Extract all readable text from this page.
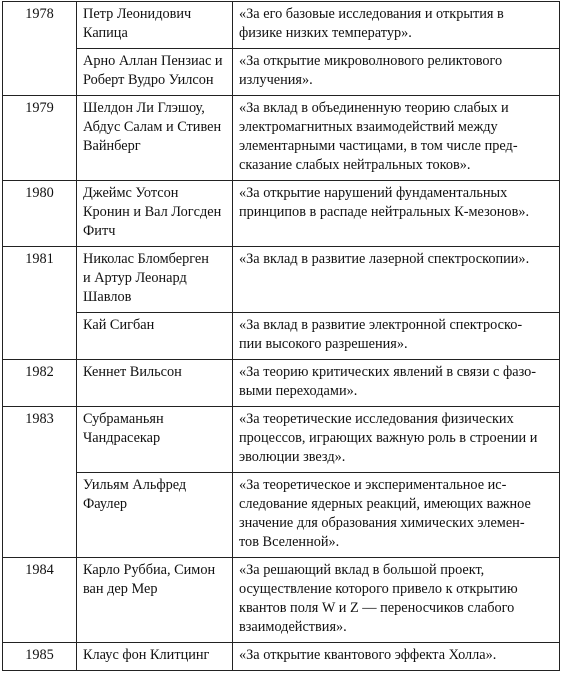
1978	Петр Леонидович
Капица	«За его базовые исследования и открытия в
физике низких температур».
	Арно Аллан Пензиас и
Роберт Вудро Уилсон	«За открытие микроволнового реликтового
излучения».
1979	Шелдон Ли Глэшоу,
Абдус Салам и Стивен
Вайнберг	«За вклад в объединенную теорию слабых и
электромагнитных взаимодействий между
элементарными частицами, в том числе пред-
сказание слабых нейтральных токов».
1980	Джеймс Уотсон
Кронин и Вал Логсден
Фитч	«За открытие нарушений фундаментальных
принципов в распаде нейтральных К-мезонов».
1981	Николас Бломберген
и Артур Леонард
Шавлов	«За вклад в развитие лазерной спектроскопии».
	Кай Сигбан	«За вклад в развитие электронной спектроско-
пии высокого разрешения».
1982	Кеннет Вильсон	«За теорию критических явлений в связи с фазо-
выми переходами».
1983	Субраманьян
Чандрасекар	«За теоретические исследования физических
процессов, играющих важную роль в строении и
эволюции звезд».
	Уильям Альфред
Фаулер	«За теоретическое и экспериментальное ис-
следование ядерных реакций, имеющих важное
значение для образования химических элемен-
тов Вселенной».
1984	Карло Руббиа, Симон
ван дер Мер	«За решающий вклад в большой проект,
осуществление которого привело к открытию
квантов поля W и Z — переносчиков слабого
взаимодействия».
1985	Клаус фон Клитцинг	«За открытие квантового эффекта Холла».
